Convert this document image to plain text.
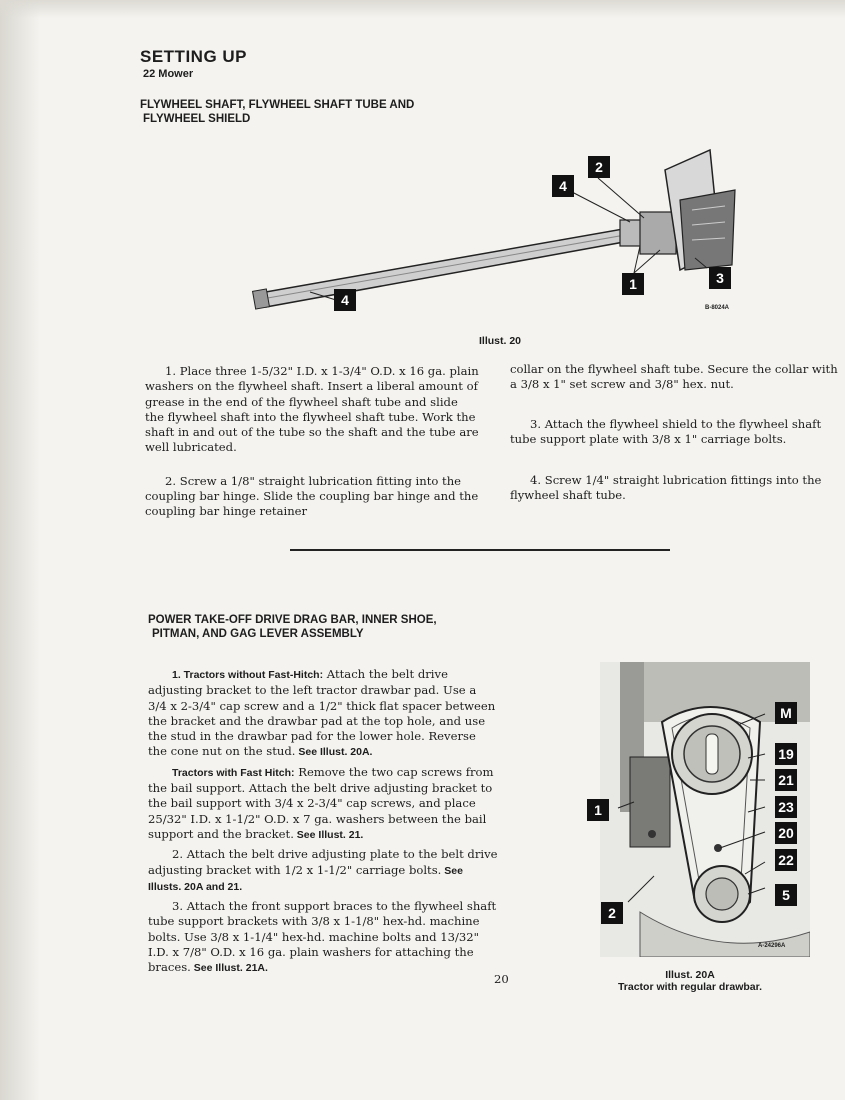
SETTING UP
22 Mower
FLYWHEEL SHAFT, FLYWHEEL SHAFT TUBE AND
FLYWHEEL SHIELD
2
4
1	3
4	B-8024A
Illust. 20

1. Place three 1-5/32" I.D. x 1-3/4" O.D. x 16 ga. plain washers on the flywheel shaft. Insert a liberal amount of grease in the end of the flywheel shaft tube and slide the flywheel shaft into the flywheel shaft tube. Work the shaft in and out of the tube so the shaft and the tube are well lubricated.

2. Screw a 1/8" straight lubrication fitting into the coupling bar hinge. Slide the coupling bar hinge and the coupling bar hinge retainer

collar on the flywheel shaft tube. Secure the collar with a 3/8 x 1" set screw and 3/8" hex. nut.

3. Attach the flywheel shield to the flywheel shaft tube support plate with 3/8 x 1" carriage bolts.

4. Screw 1/4" straight lubrication fittings into the flywheel shaft tube.

POWER TAKE-OFF DRIVE DRAG BAR, INNER SHOE,
PITMAN, AND GAG LEVER ASSEMBLY

1. Tractors without Fast-Hitch: Attach the belt drive adjusting bracket to the left tractor drawbar pad. Use a 3/4 x 2-3/4" cap screw and a 1/2" thick flat spacer between the bracket and the drawbar pad at the top hole, and use the stud in the drawbar pad for the lower hole. Reverse the cone nut on the stud. See Illust. 20A.

Tractors with Fast Hitch: Remove the two cap screws from the bail support. Attach the belt drive adjusting bracket to the bail support with 3/4 x 2-3/4" cap screws, and place 25/32" I.D. x 1-1/2" O.D. x 7 ga. washers between the bail support and the bracket. See Illust. 21.

2. Attach the belt drive adjusting plate to the belt drive adjusting bracket with 1/2 x 1-1/2" carriage bolts. See Illusts. 20A and 21.

3. Attach the front support braces to the flywheel shaft tube support brackets with 3/8 x 1-1/8" hex-hd. machine bolts. Use 3/8 x 1-1/4" hex-hd. machine bolts and 13/32" I.D. x 7/8" O.D. x 16 ga. plain washers for attaching the braces. See Illust. 21A.

M
19
21
23
20
22
5
1
2
A-24296A
Illust. 20A
Tractor with regular drawbar.
20
